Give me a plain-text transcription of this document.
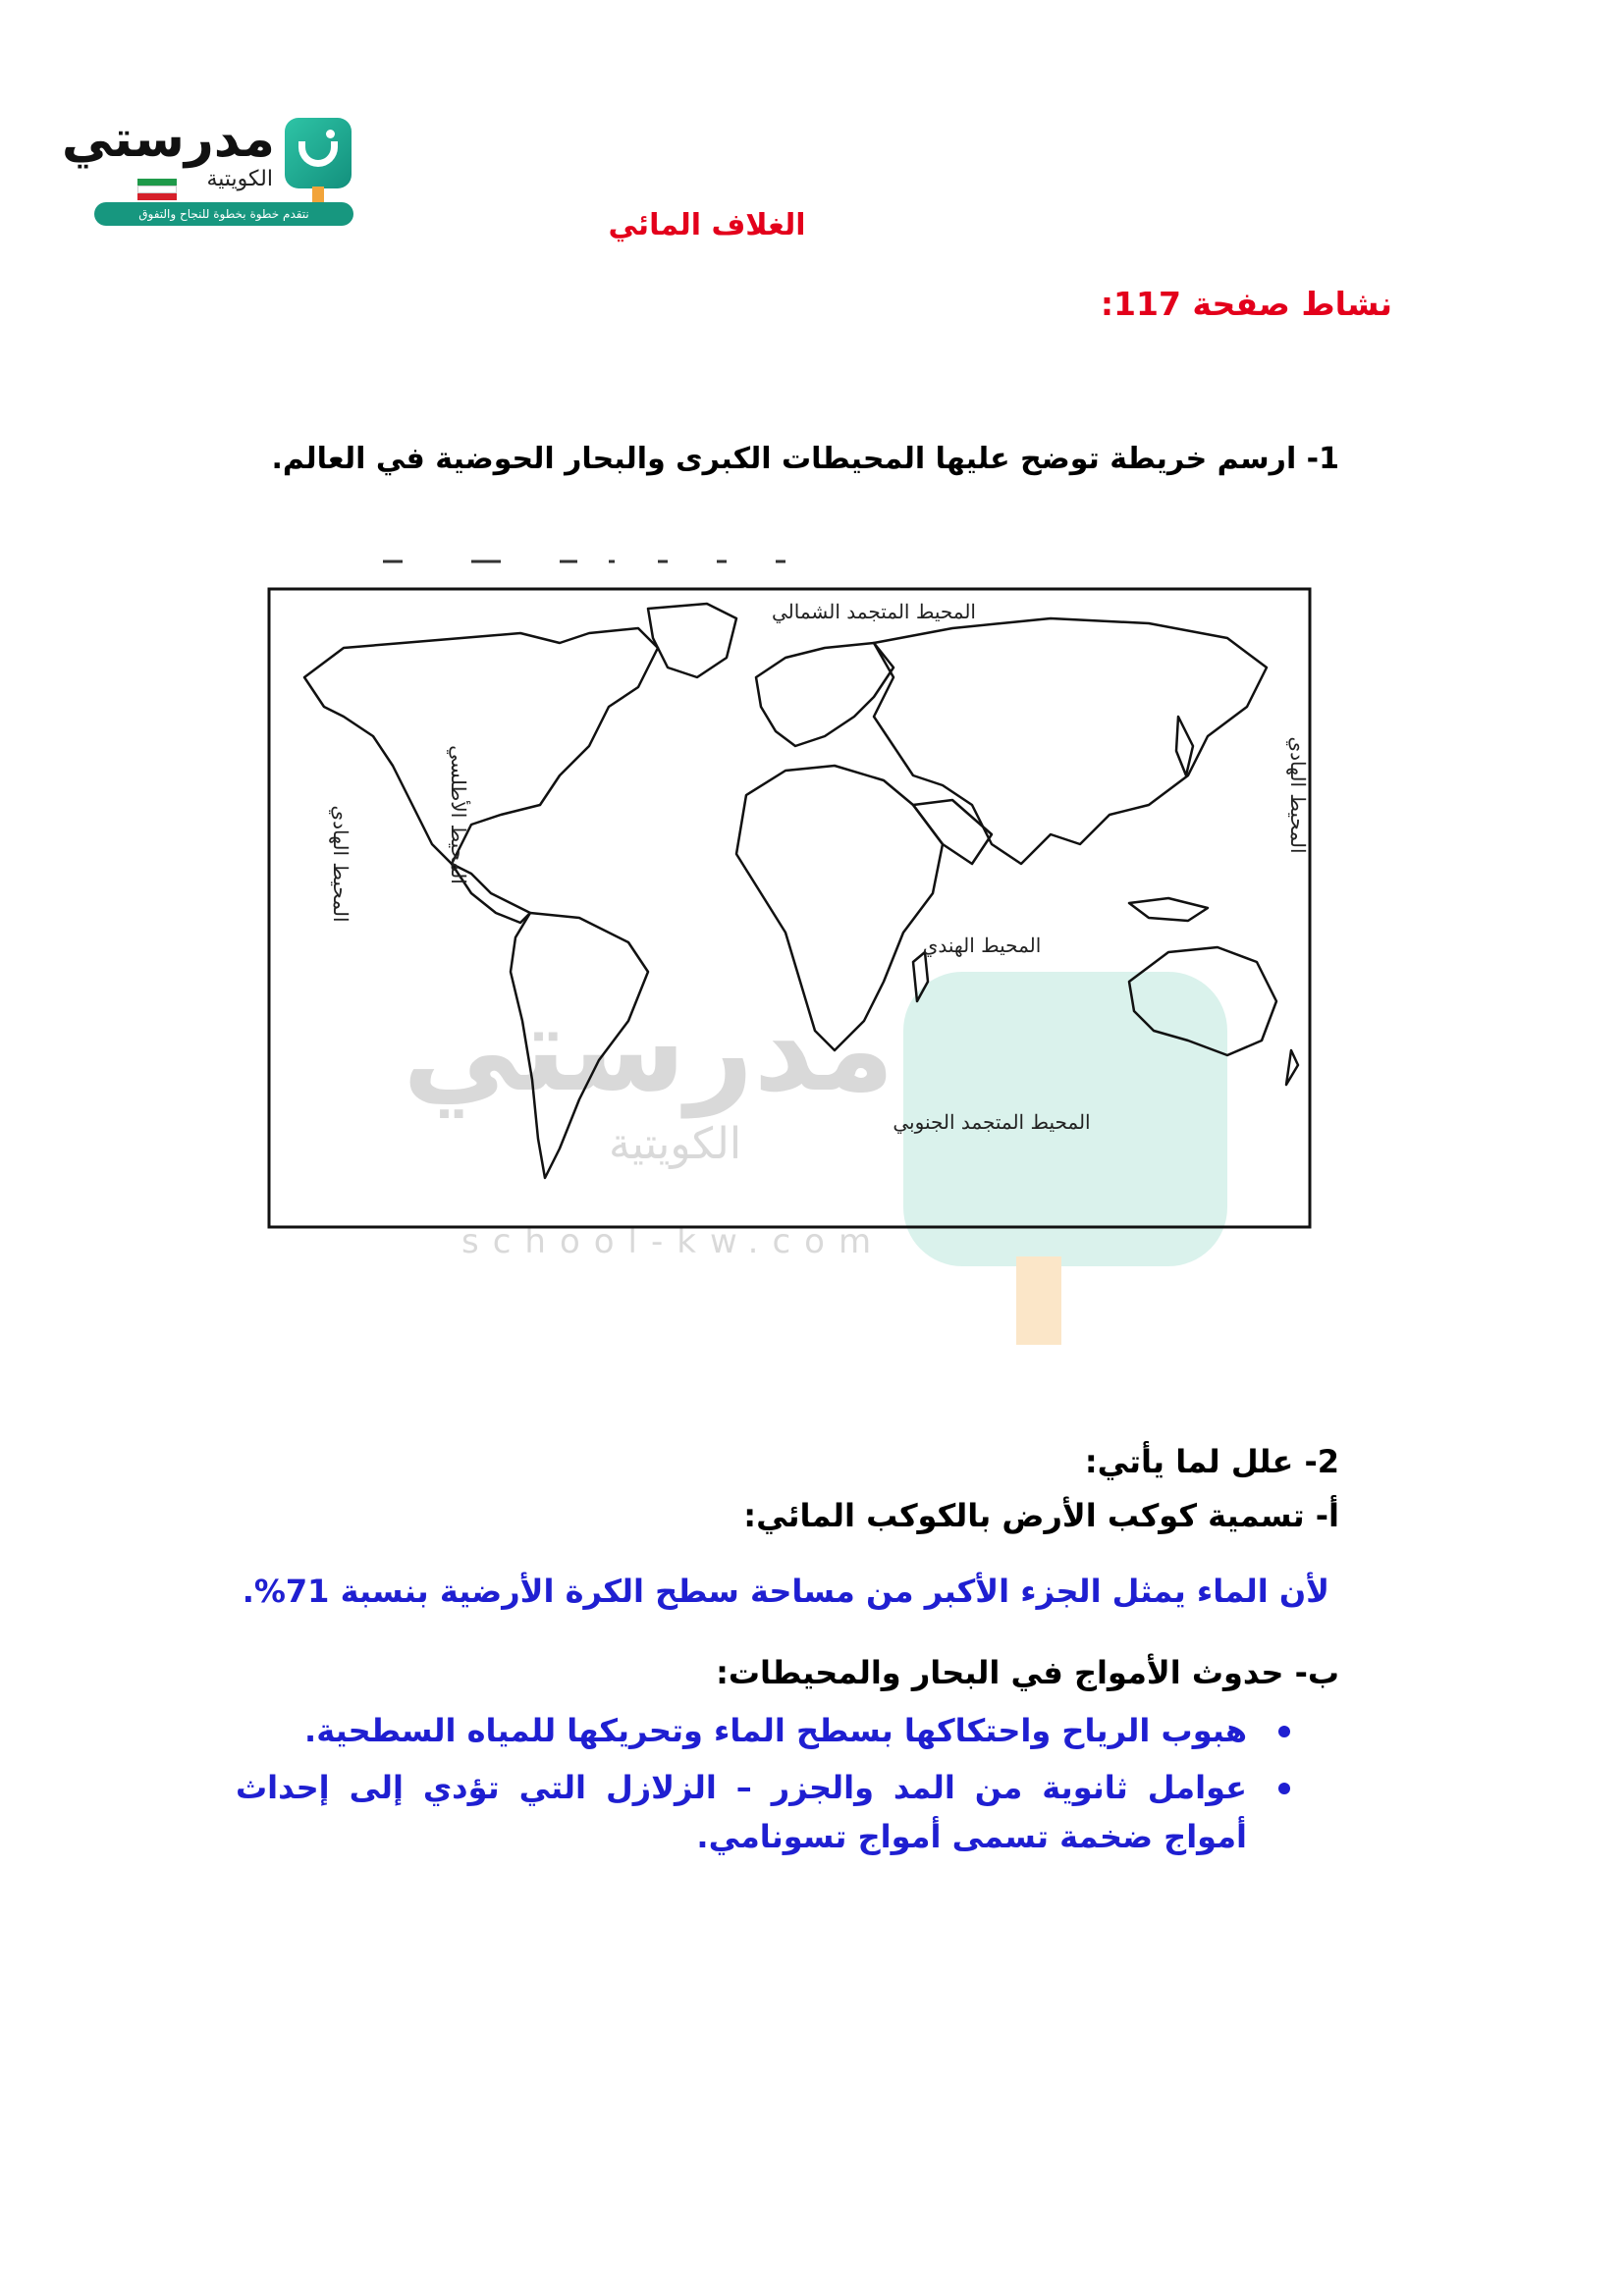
مدرستي
الكويتية
نتقدم خطوة بخطوة للنجاح والتفوق
مدرستي
الكويتية
school-kw.com
الغلاف المائي
نشاط صفحة 117:
1- ارسم خريطة توضح عليها المحيطات الكبرى والبحار الحوضية في العالم.
المحيط المتجمد الشمالي
المحيط الأطلسي
المحيط الهادي
المحيط الهادي
المحيط الهندي
المحيط المتجمد الجنوبي
2- علل لما يأتي:
أ- تسمية كوكب الأرض بالكوكب المائي:
لأن الماء يمثل الجزء الأكبر من مساحة سطح الكرة الأرضية بنسبة 71%.
ب- حدوث الأمواج في البحار والمحيطات:
هبوب الرياح واحتكاكها بسطح الماء وتحريكها للمياه السطحية.
عوامل ثانوية من المد والجزر – الزلازل التي تؤدي إلى إحداث أمواج ضخمة تسمى أمواج تسونامي.
